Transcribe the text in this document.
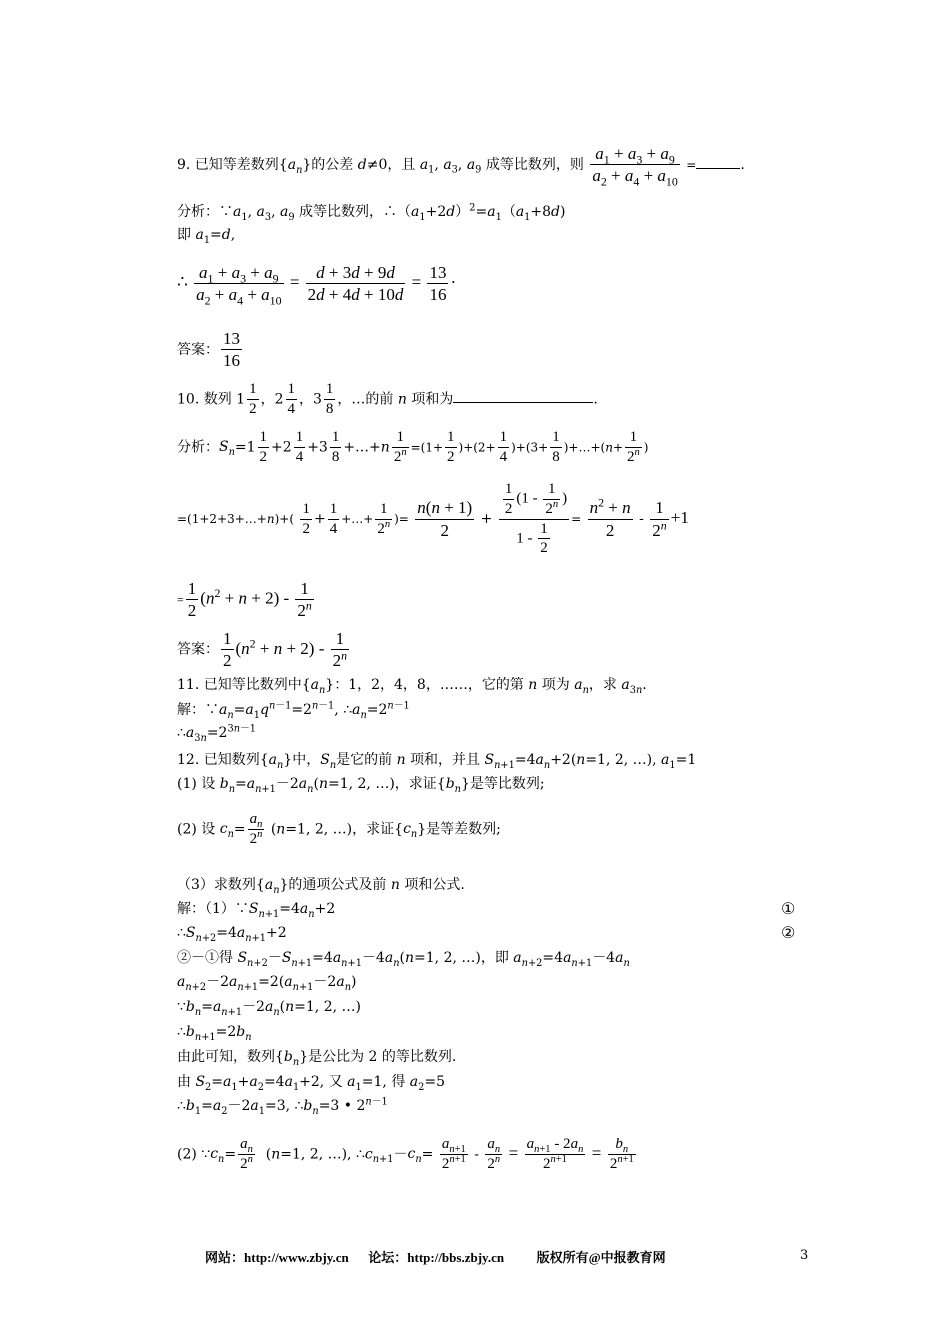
9. 已知等差数列$\{a_n\}$的公差 d≠0，且 $a_1$, $a_3$, $a_9$ 成等比数列，则 $\frac{a_1 + a_3 + a_9}{a_2 + a_4 + a_{10}}$ =	.
分析：$\because a_1$, $a_3$, $a_9$ 成等比数列，$\therefore(a_1+2d)^2=a_1(a_1+8d)$
即 $a_1=d$,
∴ $\frac{a_1 + a_3 + a_9}{a_2 + a_4 + a_{10}} = \frac{d + 3d + 9d}{2d + 4d + 10d} = \frac{13}{16}$ ·
答案： $\frac{13}{16}$
10. 数列 $1 \frac{1}{2}$ ，$2 \frac{1}{4}$ ，$3 \frac{1}{8}$ ，…的前 n 项和为	.
分析：$S_n=1 \frac{1}{2} +2 \frac{1}{4} +3 \frac{1}{8}$ +…+n $\frac{1}{2^n} =(1+ \frac{1}{2} )+(2+ \frac{1}{4} )+(3+ \frac{1}{8}$ )+…+(n+ $\frac{1}{2^n}$ )
=(1+2+3+…+n)+( $\frac{1}{2} + \frac{1}{4}$ +…+ $\frac{1}{2^n}$ )= $\frac{n(n + 1)}{2} + \frac{\frac{1}{2} (1 - \frac{1}{2^n} )}{1 - \frac{1}{2}} = \frac{n^2 + n}{2} - \frac{1}{2^n} +1$
= $\frac{1}{2} (n^2 + n + 2) - \frac{1}{2^n}$
答案： $\frac{1}{2} (n^2 + n + 2) - \frac{1}{2^n}$
11. 已知等比数列中$\{a_n\}$：1，2，4，8，……，它的第 n 项为 $a_n$，求 $a_{3n}$.
解：$\because a_n=a_1q^{n-1}=2^{n-1}$, $\therefore a_n=2^{n-1}$
$\therefore a_{3n}=2^{3n-1}$
12. 已知数列$\{a_n\}$中，$S_n$是它的前 n 项和，并且 $S_{n+1}=4a_n+2(n=1$, 2, …), $a_1=1$
(1) 设 $b_n=a_{n+1}-2a_n(n=1$, 2, …)，求证$\{b_n\}$是等比数列;
(2) 设 $c_n= \frac{a_n}{2^n} (n=1$, 2, …)，求证$\{c_n\}$是等差数列;
（3）求数列$\{a_n\}$的通项公式及前 n 项和公式.
解：$(1)\because S_{n+1}=4a_n+2$	①
$\therefore S_{n+2}=4a_{n+1}+2$	②
②－①得 $S_{n+2}-S_{n+1}=4a_{n+1}-4a_n(n=1$, 2, …)，即 $a_{n+2}=4a_{n+1}-4a_n$
$a_{n+2}-2a_{n+1}=2(a_{n+1}-2a_n)$
$\because b_n=a_{n+1}-2a_n(n=1$, 2, …)
$\therefore b_{n+1}=2b_n$
由此可知，数列$\{b_n\}$是公比为 2 的等比数列.
由 $S_2=a_1+a_2=4a_1+2$, 又 $a_1=1$, 得 $a_2=5$
$\therefore b_1=a_2-2a_1=3$, $\therefore b_n=3$ • $2^{n-1}$
(2) $\because c_n= \frac{a_n}{2^n} (n=1$, 2, …), $\therefore c_{n+1}-c_n= \frac{a_{n+1}}{2^{n+1}} - \frac{a_n}{2^n} = \frac{a_{n+1} - 2a_n}{2^{n+1}} = \frac{b_n}{2^{n+1}}$
网站：http://www.zbjy.cn 论坛：http://bbs.zbjy.cn	版权所有@中报教育网	3
